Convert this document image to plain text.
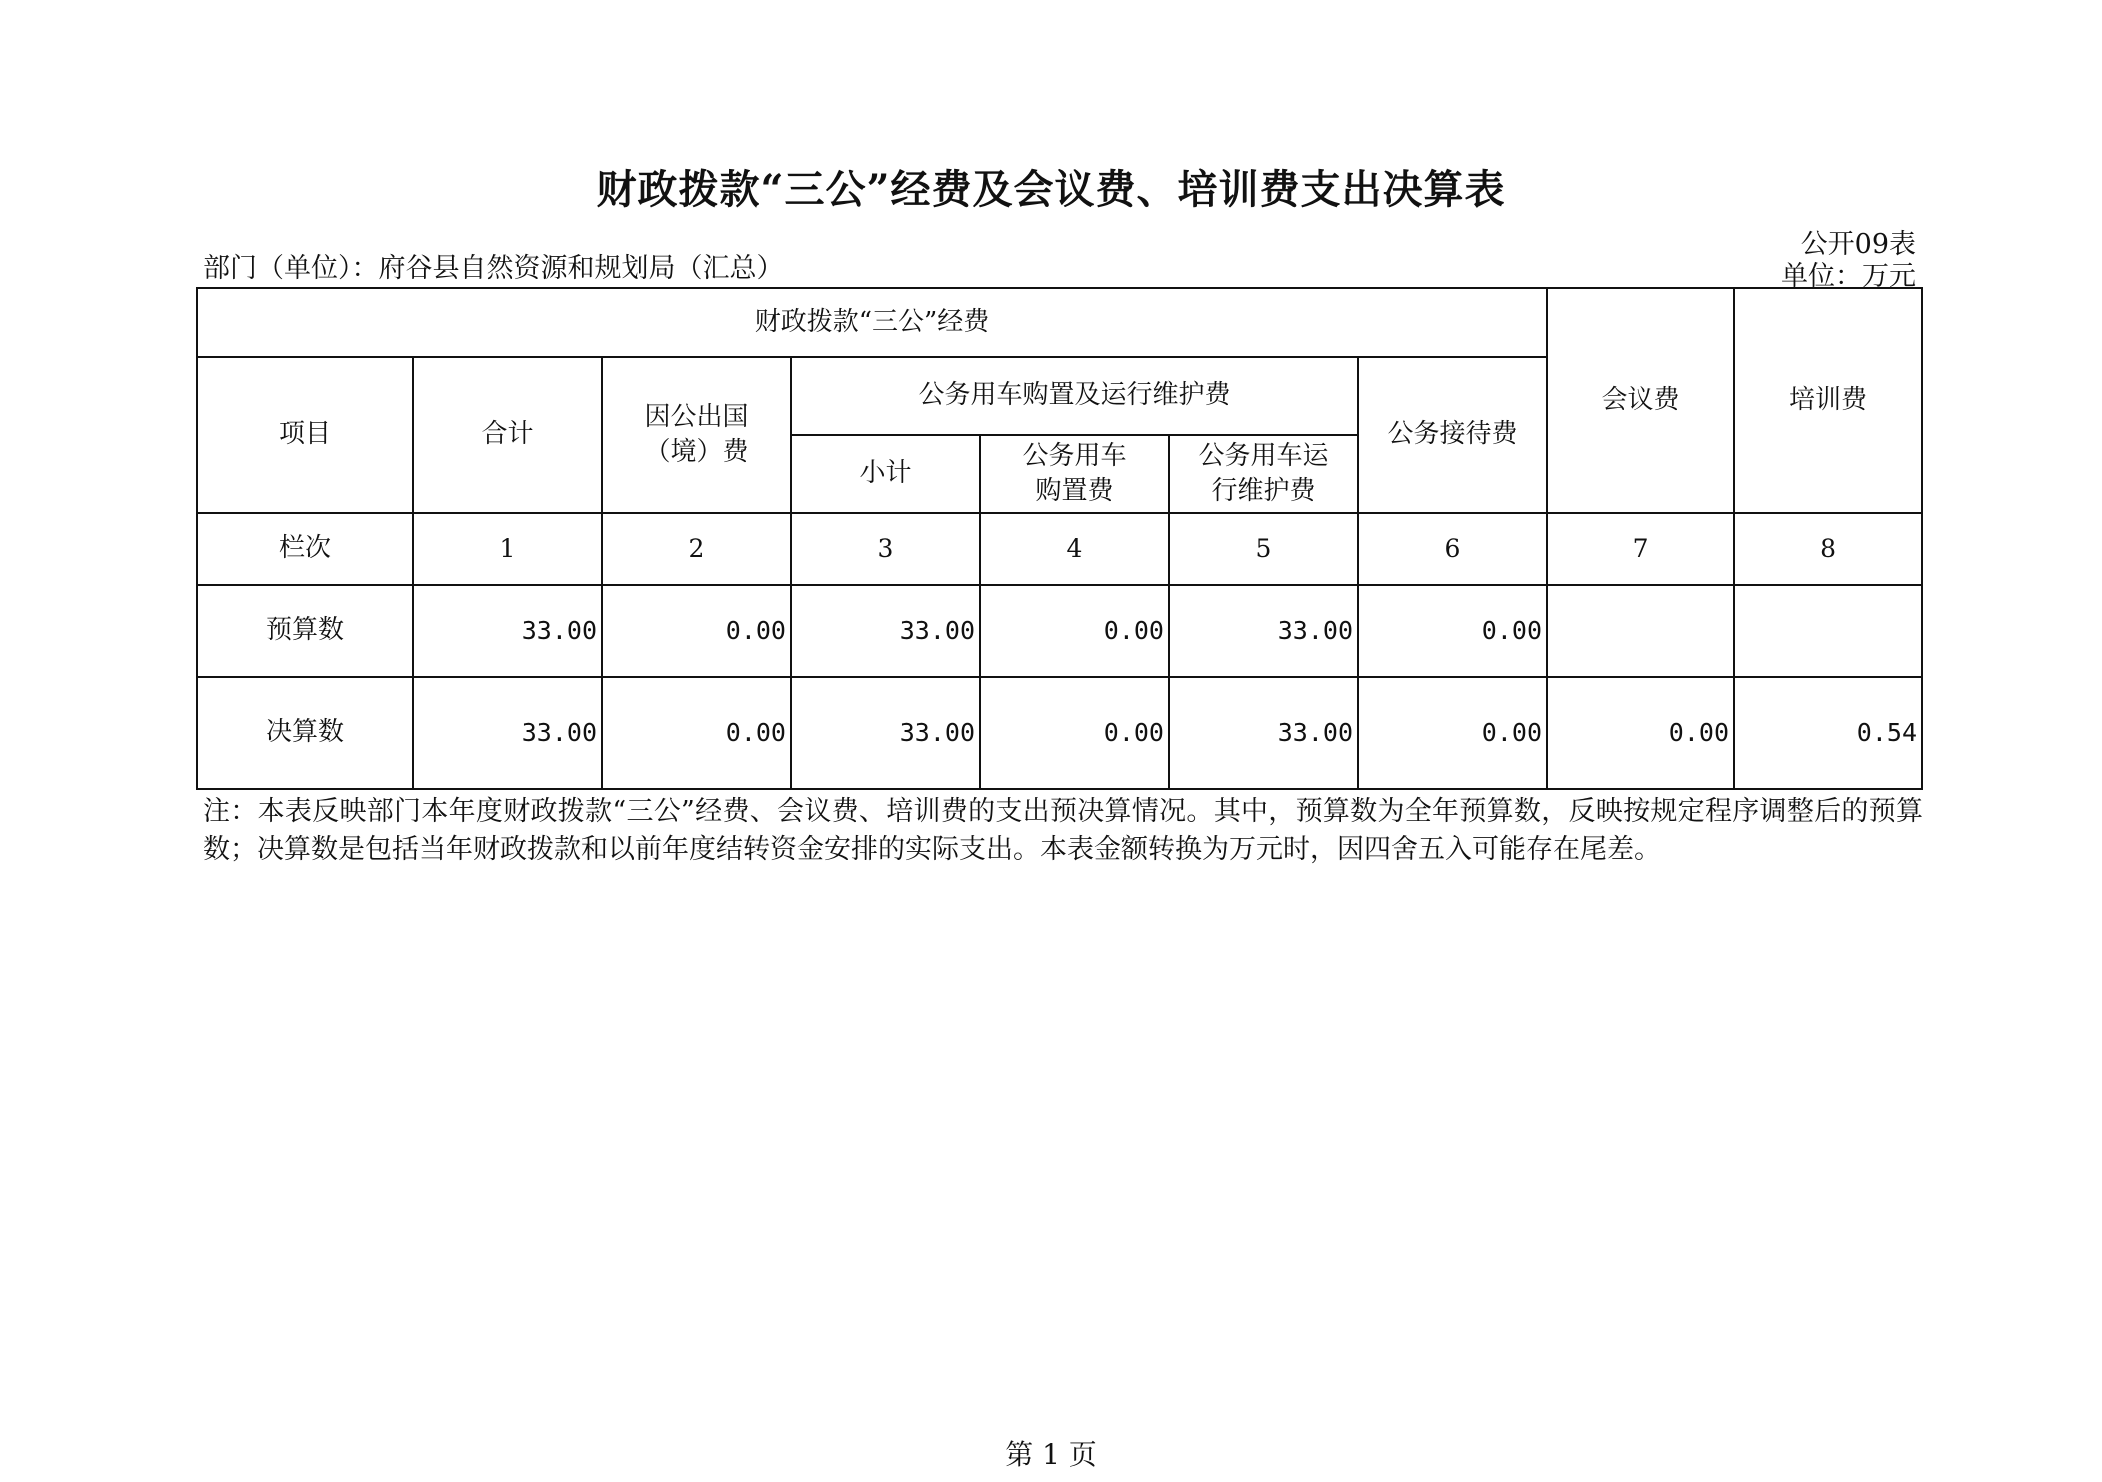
财政拨款“三公”经费及会议费、培训费支出决算表
公开09表
部门（单位）：府谷县自然资源和规划局（汇总）	单位：万元
财政拨款“三公”经费							会议费	培训费
项目	合计	因公出国（境）费	公务用车购置及运行维护费			公务接待费		
			小计	公务用车购置费	公务用车运行维护费			
栏次	1	2	3	4	5	6	7	8
预算数	33.00	0.00	33.00	0.00	33.00	0.00		
决算数	33.00	0.00	33.00	0.00	33.00	0.00	0.00	0.54
注：本表反映部门本年度财政拨款“三公”经费、会议费、培训费的支出预决算情况。其中，预算数为全年预算数，反映按规定程序调整后的预算数；决算数是包括当年财政拨款和以前年度结转资金安排的实际支出。本表金额转换为万元时，因四舍五入可能存在尾差。
第 1 页
